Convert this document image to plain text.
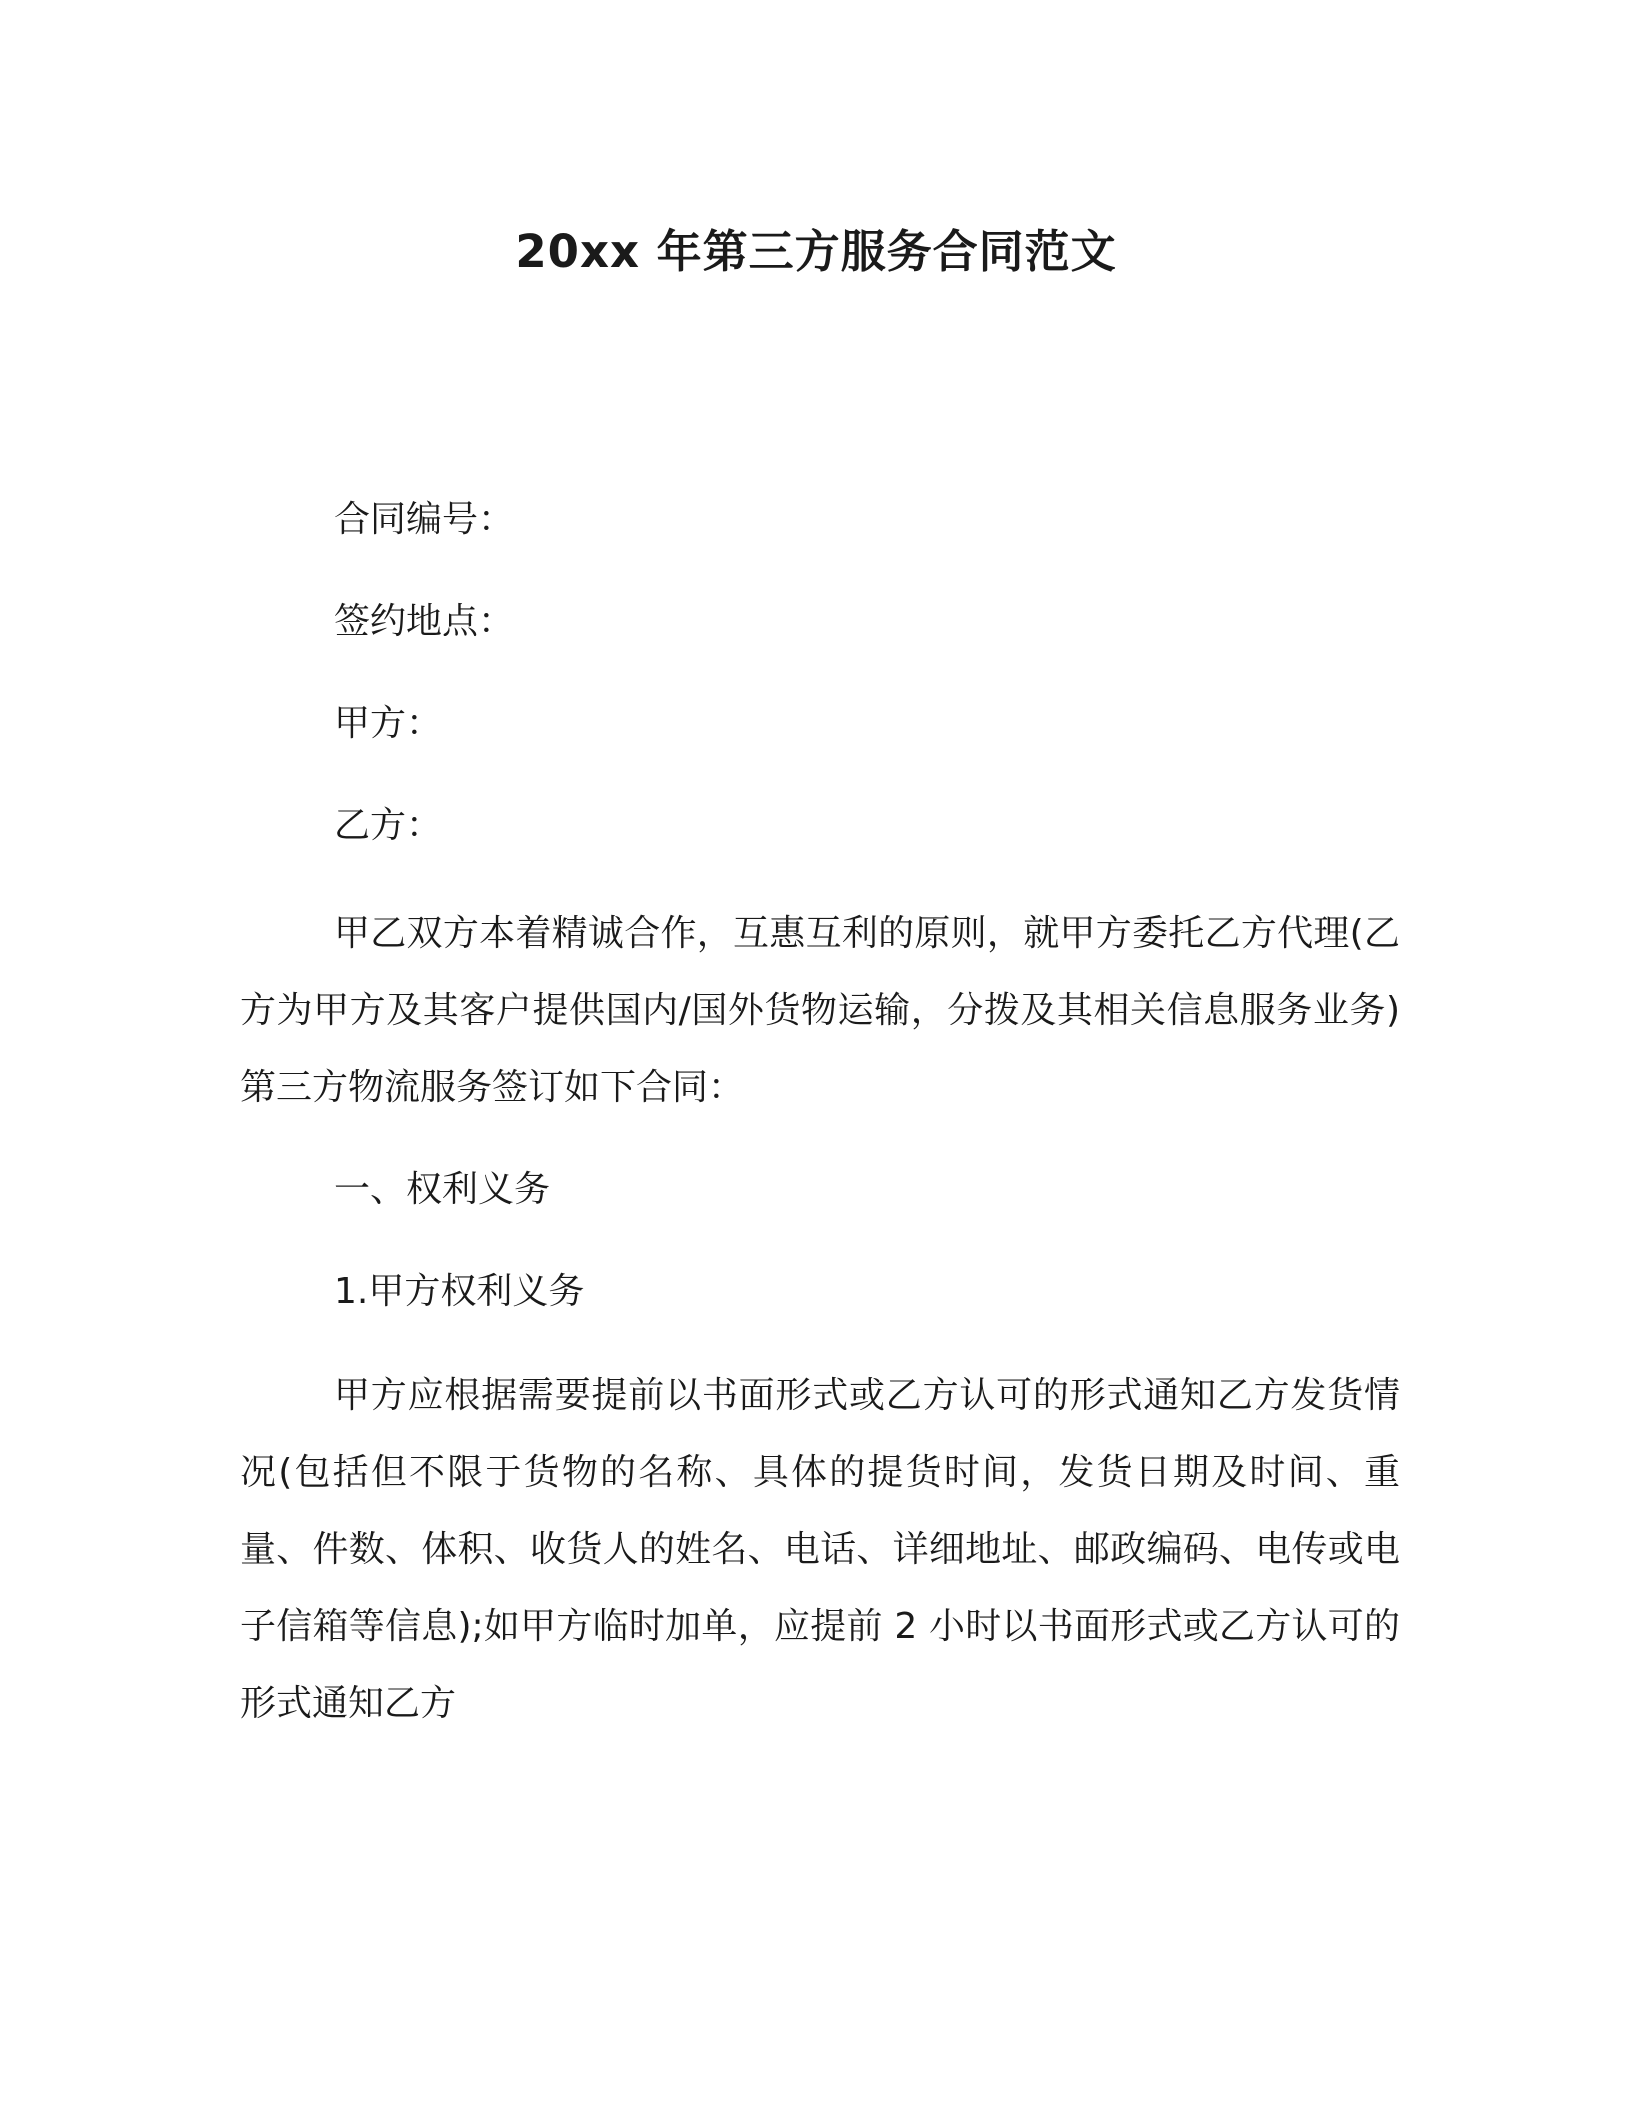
20xx 年第三方服务合同范文
合同编号：
签约地点：
甲方：
乙方：
甲乙双方本着精诚合作，互惠互利的原则，就甲方委托乙方代理(乙方为甲方及其客户提供国内/国外货物运输，分拨及其相关信息服务业务)第三方物流服务签订如下合同：
一、权利义务
1.甲方权利义务
甲方应根据需要提前以书面形式或乙方认可的形式通知乙方发货情况(包括但不限于货物的名称、具体的提货时间，发货日期及时间、重量、件数、体积、收货人的姓名、电话、详细地址、邮政编码、电传或电子信箱等信息);如甲方临时加单，应提前 2 小时以书面形式或乙方认可的形式通知乙方
